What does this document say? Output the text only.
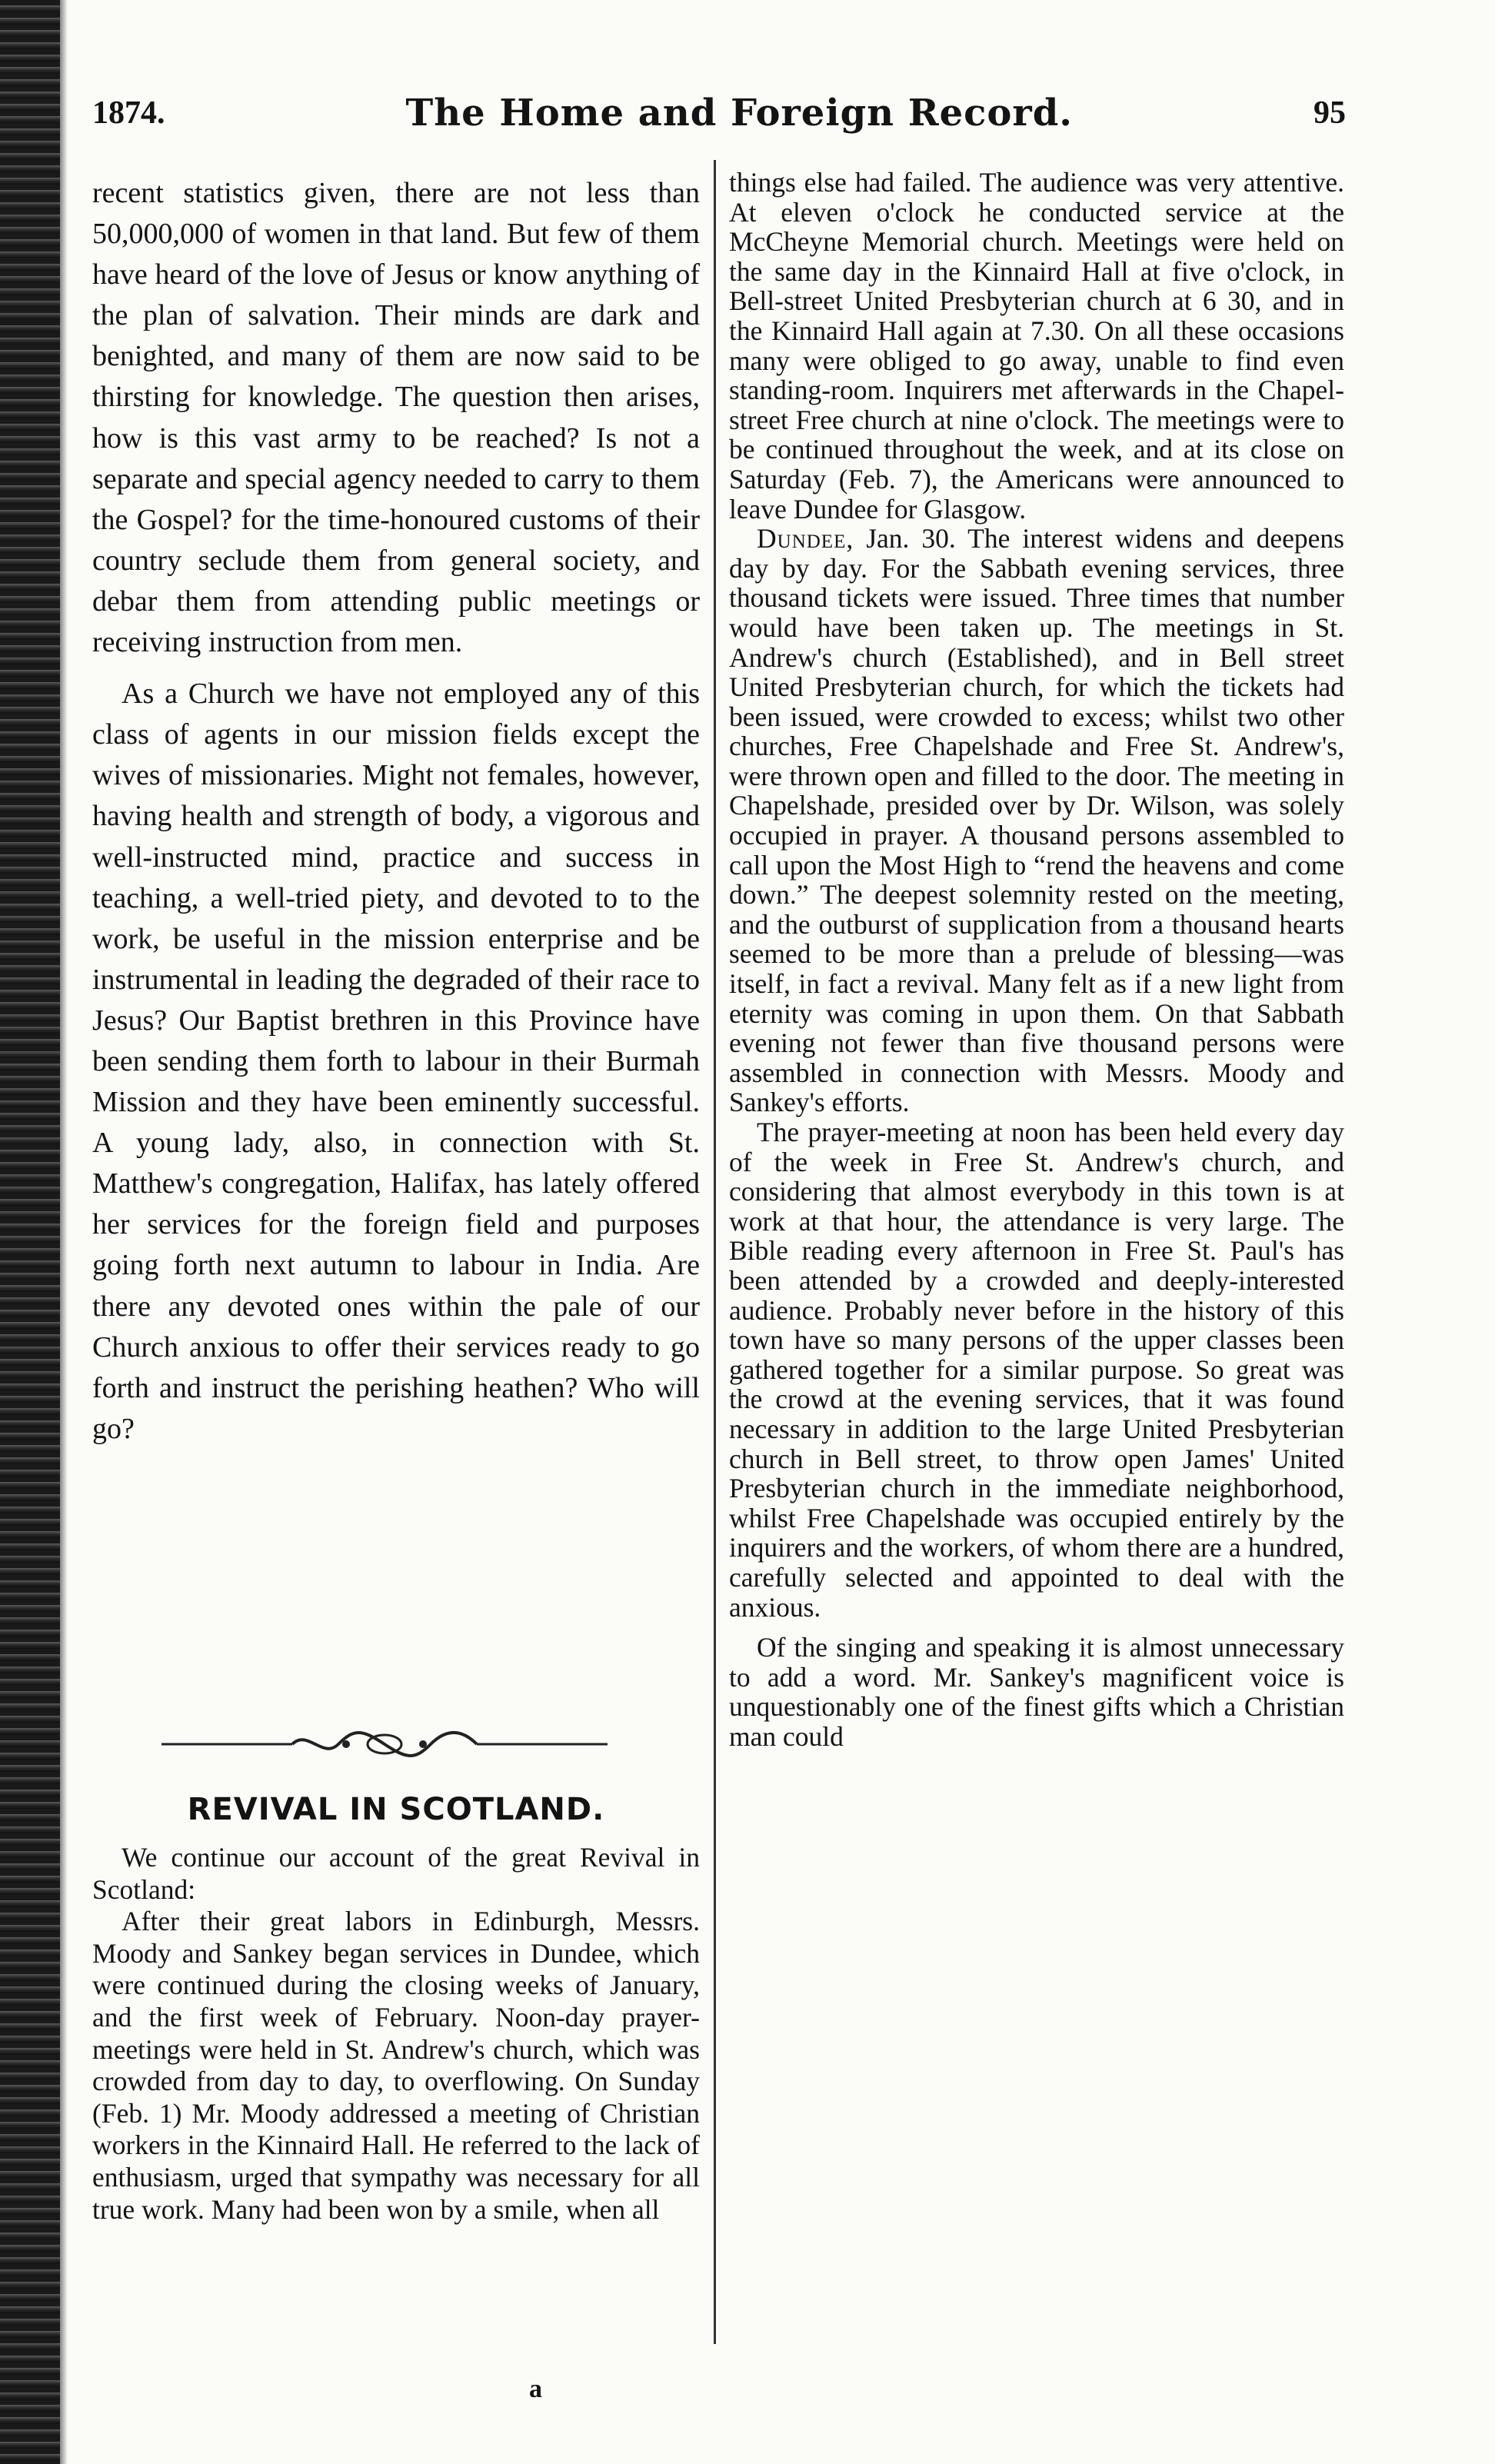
1874.	The Home and Foreign Record.	95

recent statistics given, there are not less than 50,000,000 of women in that land. But few of them have heard of the love of Jesus or know anything of the plan of salvation. Their minds are dark and benighted, and many of them are now said to be thirsting for knowledge. The question then arises, how is this vast army to be reached? Is not a separate and special agency needed to carry to them the Gospel? for the time-honoured customs of their country seclude them from general society, and debar them from attending public meetings or receiving instruction from men.

As a Church we have not employed any of this class of agents in our mission fields except the wives of missionaries. Might not females, however, having health and strength of body, a vigorous and well-instructed mind, practice and success in teaching, a well-tried piety, and devoted to to the work, be useful in the mission enterprise and be instrumental in leading the degraded of their race to Jesus? Our Baptist brethren in this Province have been sending them forth to labour in their Burmah Mission and they have been eminently successful. A young lady, also, in connection with St. Matthew's congregation, Halifax, has lately offered her services for the foreign field and purposes going forth next autumn to labour in India. Are there any devoted ones within the pale of our Church anxious to offer their services ready to go forth and instruct the perishing heathen? Who will go?

REVIVAL IN SCOTLAND.

We continue our account of the great Revival in Scotland:

After their great labors in Edinburgh, Messrs. Moody and Sankey began services in Dundee, which were continued during the closing weeks of January, and the first week of February. Noon-day prayer-meetings were held in St. Andrew's church, which was crowded from day to day, to overflowing. On Sunday (Feb. 1) Mr. Moody addressed a meeting of Christian workers in the Kinnaird Hall. He referred to the lack of enthusiasm, urged that sympathy was necessary for all true work. Many had been won by a smile, when all

things else had failed. The audience was very attentive. At eleven o'clock he conducted service at the McCheyne Memorial church. Meetings were held on the same day in the Kinnaird Hall at five o'clock, in Bell-street United Presbyterian church at 6 30, and in the Kinnaird Hall again at 7.30. On all these occasions many were obliged to go away, unable to find even standing-room. Inquirers met afterwards in the Chapel-street Free church at nine o'clock. The meetings were to be continued throughout the week, and at its close on Saturday (Feb. 7), the Americans were announced to leave Dundee for Glasgow.

Dundee, Jan. 30. The interest widens and deepens day by day. For the Sabbath evening services, three thousand tickets were issued. Three times that number would have been taken up. The meetings in St. Andrew's church (Established), and in Bell street United Presbyterian church, for which the tickets had been issued, were crowded to excess; whilst two other churches, Free Chapelshade and Free St. Andrew's, were thrown open and filled to the door. The meeting in Chapelshade, presided over by Dr. Wilson, was solely occupied in prayer. A thousand persons assembled to call upon the Most High to “rend the heavens and come down.” The deepest solemnity rested on the meeting, and the outburst of supplication from a thousand hearts seemed to be more than a prelude of blessing—was itself, in fact a revival. Many felt as if a new light from eternity was coming in upon them. On that Sabbath evening not fewer than five thousand persons were assembled in connection with Messrs. Moody and Sankey's efforts.

The prayer-meeting at noon has been held every day of the week in Free St. Andrew's church, and considering that almost everybody in this town is at work at that hour, the attendance is very large. The Bible reading every afternoon in Free St. Paul's has been attended by a crowded and deeply-interested audience. Probably never before in the history of this town have so many persons of the upper classes been gathered together for a similar purpose. So great was the crowd at the evening services, that it was found necessary in addition to the large United Presbyterian church in Bell street, to throw open James' United Presbyterian church in the immediate neighborhood, whilst Free Chapelshade was occupied entirely by the inquirers and the workers, of whom there are a hundred, carefully selected and appointed to deal with the anxious.

Of the singing and speaking it is almost unnecessary to add a word. Mr. Sankey's magnificent voice is unquestionably one of the finest gifts which a Christian man could

a
